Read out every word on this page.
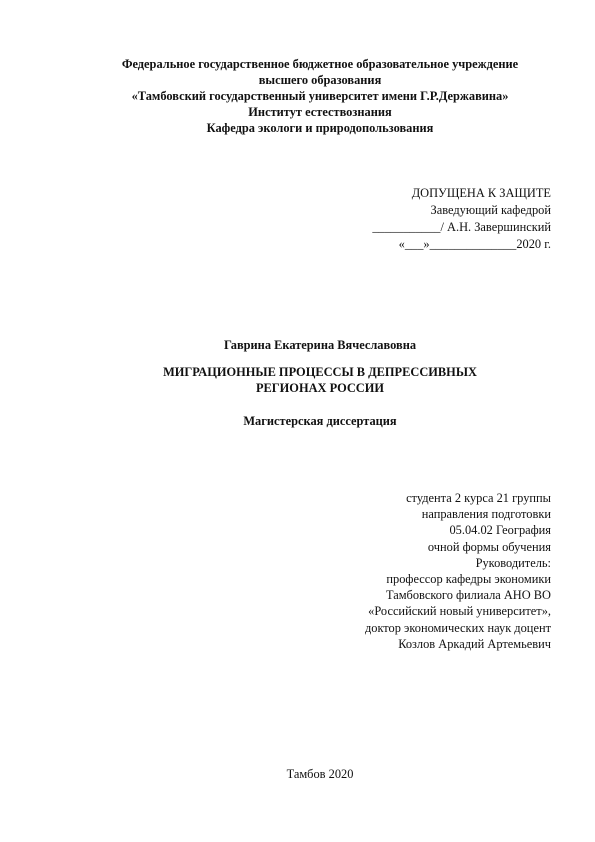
Федеральное государственное бюджетное образовательное учреждение
высшего образования
«Тамбовский государственный университет имени Г.Р.Державина»
Институт естествознания
Кафедра экологи и природопользования
ДОПУЩЕНА К ЗАЩИТЕ
Заведующий кафедрой
___________/ А.Н. Завершинский
«___»______________2020 г.
Гаврина Екатерина Вячеславовна
МИГРАЦИОННЫЕ ПРОЦЕССЫ В ДЕПРЕССИВНЫХ
РЕГИОНАХ РОССИИ
Магистерская диссертация
студента 2 курса 21 группы
направления подготовки
05.04.02 География
очной формы обучения
Руководитель:
профессор кафедры экономики
Тамбовского филиала АНО ВО
«Российский новый университет»,
доктор экономических наук доцент
Козлов Аркадий Артемьевич
Тамбов 2020
